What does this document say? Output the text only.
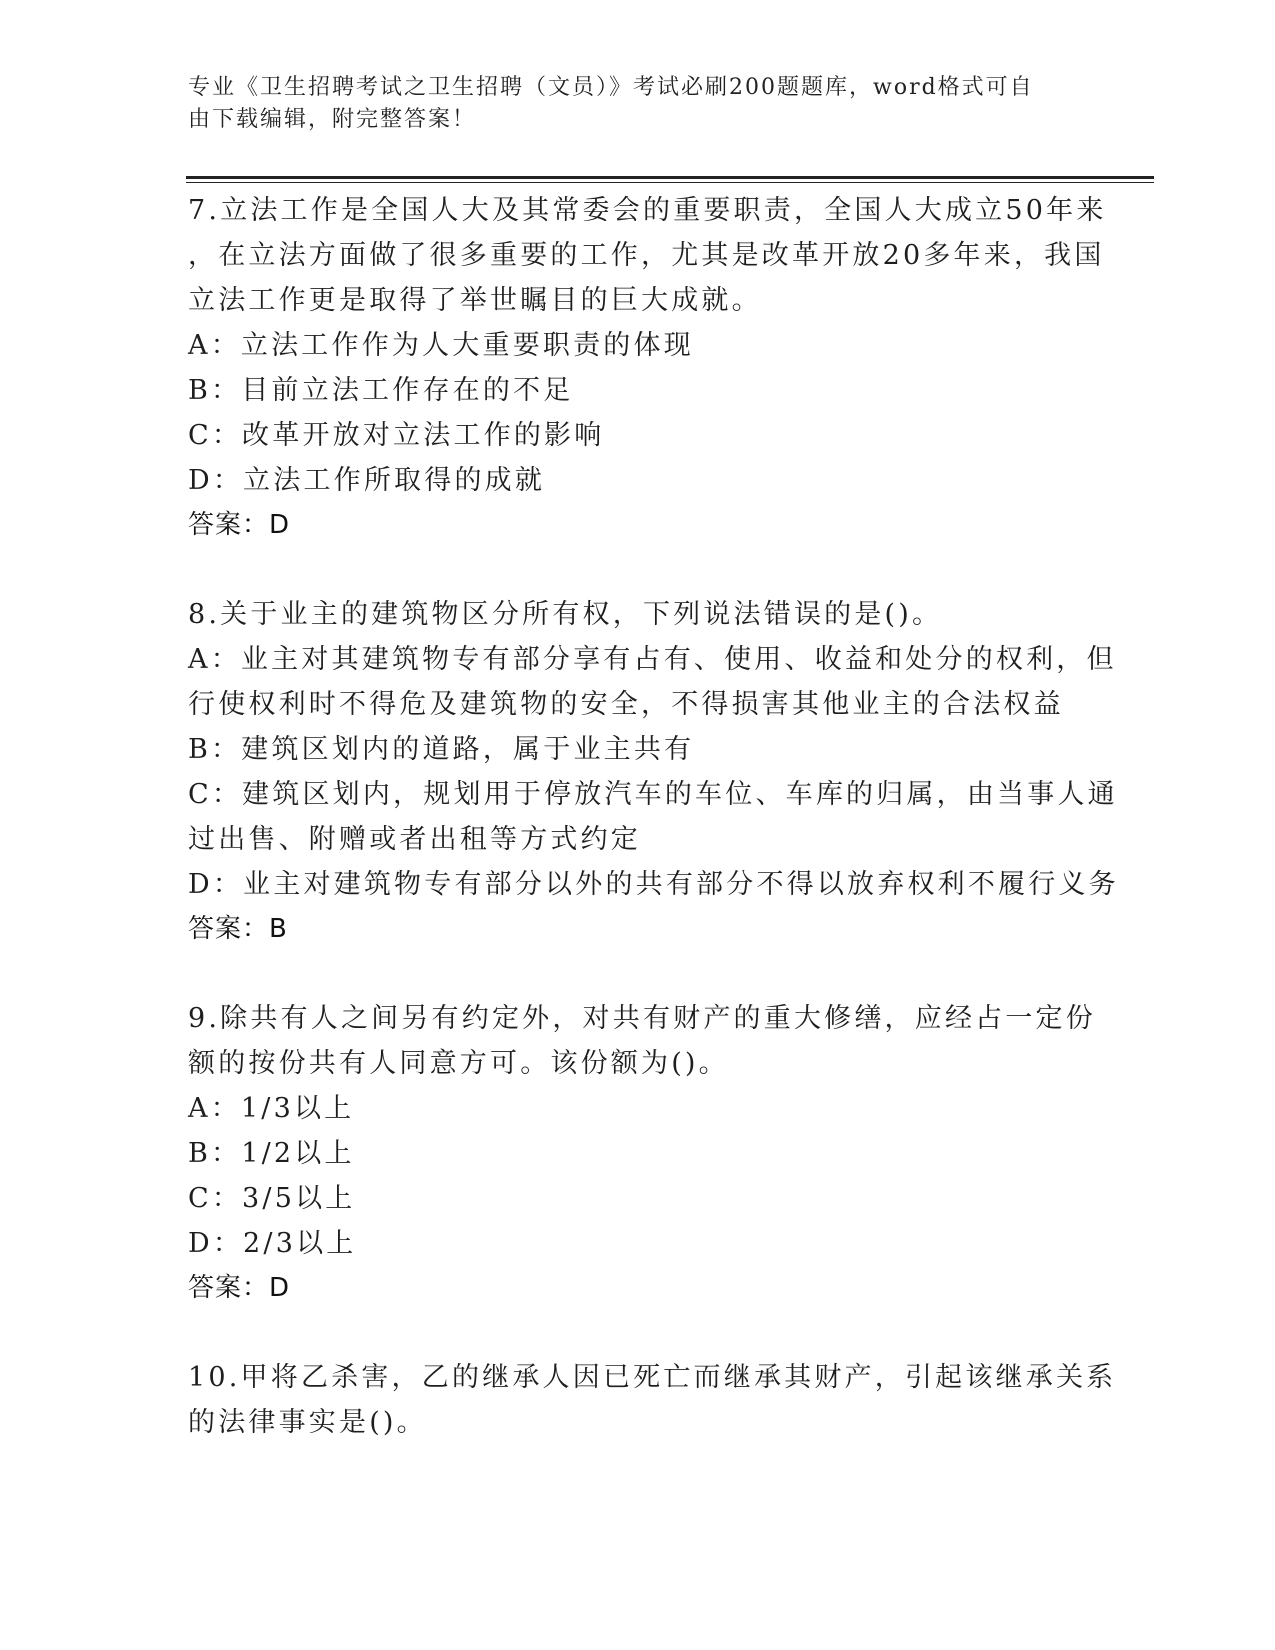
专业《卫生招聘考试之卫生招聘（文员）》考试必刷200题题库，word格式可自
由下载编辑，附完整答案！
7.立法工作是全国人大及其常委会的重要职责，全国人大成立50年来
，在立法方面做了很多重要的工作，尤其是改革开放20多年来，我国
立法工作更是取得了举世瞩目的巨大成就。
A：立法工作作为人大重要职责的体现
B：目前立法工作存在的不足
C：改革开放对立法工作的影响
D：立法工作所取得的成就
答案：D
8.关于业主的建筑物区分所有权，下列说法错误的是()。
A：业主对其建筑物专有部分享有占有、使用、收益和处分的权利，但
行使权利时不得危及建筑物的安全，不得损害其他业主的合法权益
B：建筑区划内的道路，属于业主共有
C：建筑区划内，规划用于停放汽车的车位、车库的归属，由当事人通
过出售、附赠或者出租等方式约定
D：业主对建筑物专有部分以外的共有部分不得以放弃权利不履行义务
答案：B
9.除共有人之间另有约定外，对共有财产的重大修缮，应经占一定份
额的按份共有人同意方可。该份额为()。
A：1/3以上
B：1/2以上
C：3/5以上
D：2/3以上
答案：D
10.甲将乙杀害，乙的继承人因已死亡而继承其财产，引起该继承关系
的法律事实是()。
